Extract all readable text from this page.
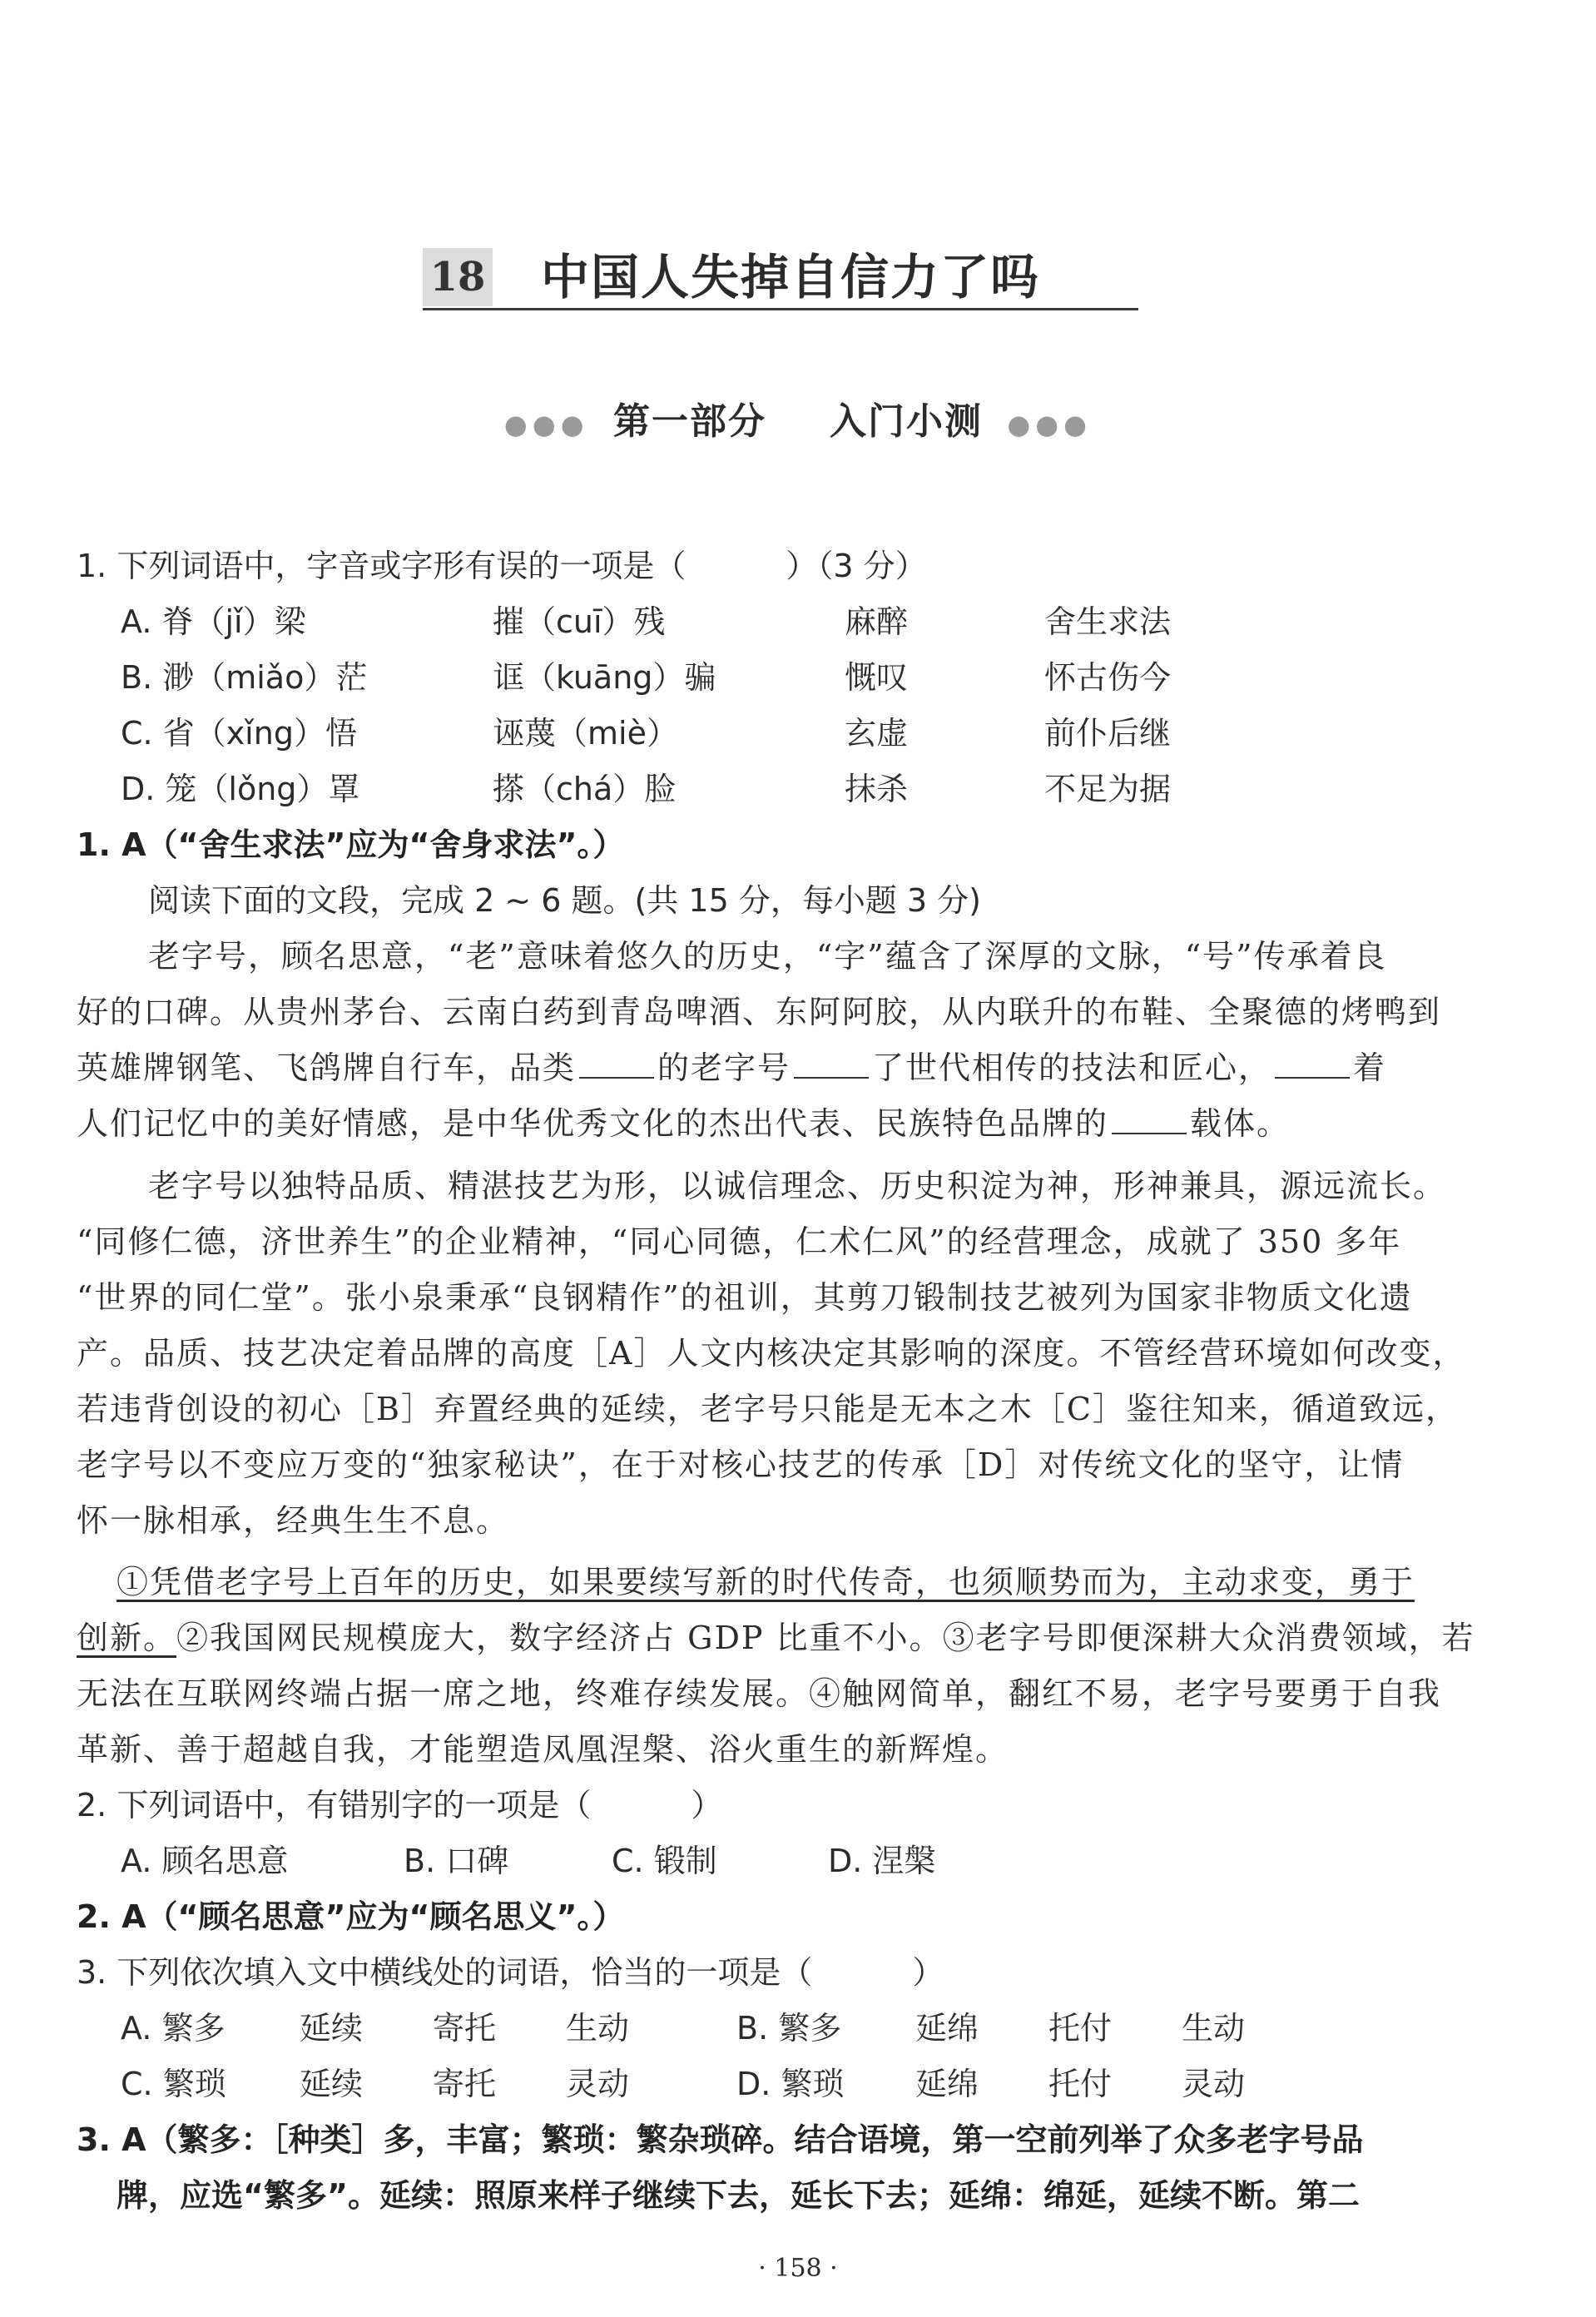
18 中国人失掉自信力了吗
●●● 第一部分 入门小测 ●●●
1. 下列词语中，字音或字形有误的一项是（	）（3 分）
A. 脊（jǐ）梁	摧（cuī）残	麻醉	舍生求法
B. 渺（miǎo）茫	诓（kuāng）骗	慨叹	怀古伤今
C. 省（xǐng）悟	诬蔑（miè）	玄虚	前仆后继
D. 笼（lǒng）罩	搽（chá）脸	抹杀	不足为据
1. A（“舍生求法”应为“舍身求法”。）
阅读下面的文段，完成 2 ~ 6 题。(共 15 分，每小题 3 分)
老字号，顾名思意，“老”意味着悠久的历史，“字”蕴含了深厚的文脉，“号”传承着良
好的口碑。从贵州茅台、云南白药到青岛啤酒、东阿阿胶，从内联升的布鞋、全聚德的烤鸭到
英雄牌钢笔、飞鸽牌自行车，品类	的老字号	了世代相传的技法和匠心，	着
人们记忆中的美好情感，是中华优秀文化的杰出代表、民族特色品牌的	载体。
老字号以独特品质、精湛技艺为形，以诚信理念、历史积淀为神，形神兼具，源远流长。
“同修仁德，济世养生”的企业精神，“同心同德，仁术仁风”的经营理念，成就了 350 多年
“世界的同仁堂”。张小泉秉承“良钢精作”的祖训，其剪刀锻制技艺被列为国家非物质文化遗
产。品质、技艺决定着品牌的高度［A］人文内核决定其影响的深度。不管经营环境如何改变，
若违背创设的初心［B］弃置经典的延续，老字号只能是无本之木［C］鉴往知来，循道致远，
老字号以不变应万变的“独家秘诀”，在于对核心技艺的传承［D］对传统文化的坚守，让情
怀一脉相承，经典生生不息。
①凭借老字号上百年的历史，如果要续写新的时代传奇，也须顺势而为，主动求变，勇于
创新。②我国网民规模庞大，数字经济占 GDP 比重不小。③老字号即便深耕大众消费领域，若
无法在互联网终端占据一席之地，终难存续发展。④触网简单，翻红不易，老字号要勇于自我
革新、善于超越自我，才能塑造凤凰涅槃、浴火重生的新辉煌。
2. 下列词语中，有错别字的一项是（	）
A. 顾名思意	B. 口碑	C. 锻制	D. 涅槃
2. A（“顾名思意”应为“顾名思义”。）
3. 下列依次填入文中横线处的词语，恰当的一项是（	）
A. 繁多 延续 寄托 生动	B. 繁多 延绵 托付 生动
C. 繁琐 延续 寄托 灵动	D. 繁琐 延绵 托付 灵动
3. A（繁多：［种类］多，丰富；繁琐：繁杂琐碎。结合语境，第一空前列举了众多老字号品
牌，应选“繁多”。延续：照原来样子继续下去，延长下去；延绵：绵延，延续不断。第二
· 158 ·
